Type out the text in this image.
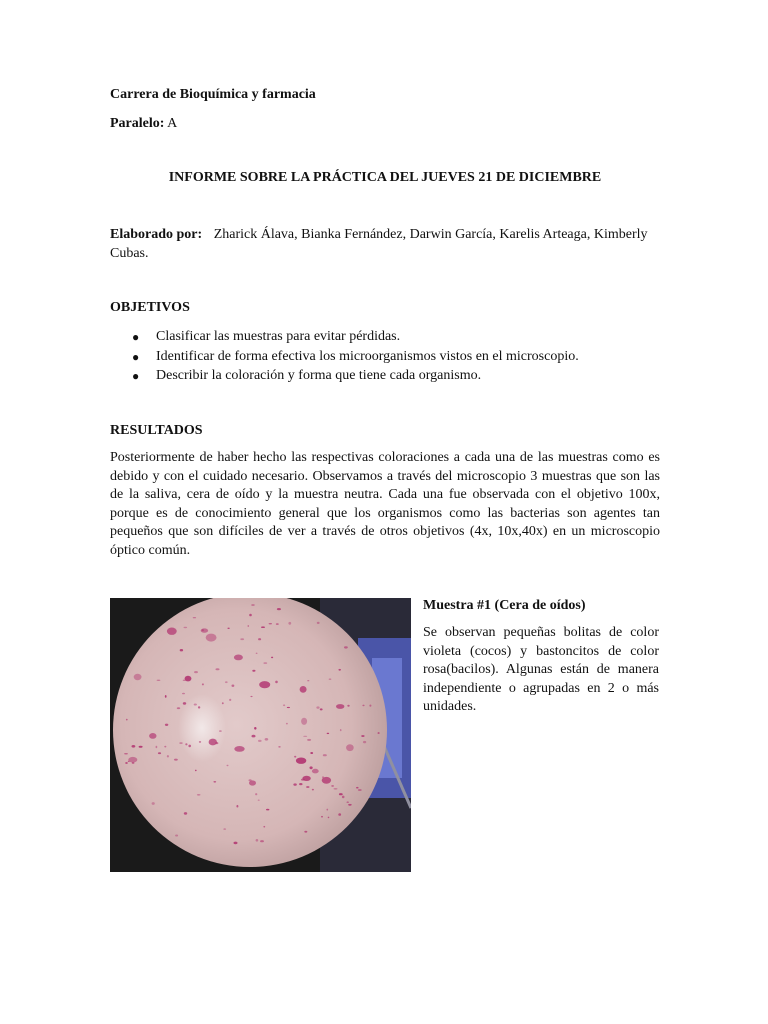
Carrera de Bioquímica y farmacia
Paralelo: A
INFORME SOBRE LA PRÁCTICA DEL JUEVES 21 DE DICIEMBRE
Elaborado por: Zharick Álava, Bianka Fernández, Darwin García, Karelis Arteaga, Kimberly Cubas.
OBJETIVOS
● Clasificar las muestras para evitar pérdidas.
● Identificar de forma efectiva los microorganismos vistos en el microscopio.
● Describir la coloración y forma que tiene cada organismo.
RESULTADOS

Posteriormente de haber hecho las respectivas coloraciones a cada una de las muestras como es debido y con el cuidado necesario. Observamos a través del microscopio 3 muestras que son las de la saliva, cera de oído y la muestra neutra. Cada una fue observada con el objetivo 100x, porque es de conocimiento general que los organismos como las bacterias son agentes tan pequeños que son difíciles de ver a través de otros objetivos (4x, 10x,40x) en un microscopio óptico común.

Muestra #1 (Cera de oídos)

Se observan pequeñas bolitas de color violeta (cocos) y bastoncitos de color rosa(bacilos). Algunas están de manera independiente o agrupadas en 2 o más unidades.
